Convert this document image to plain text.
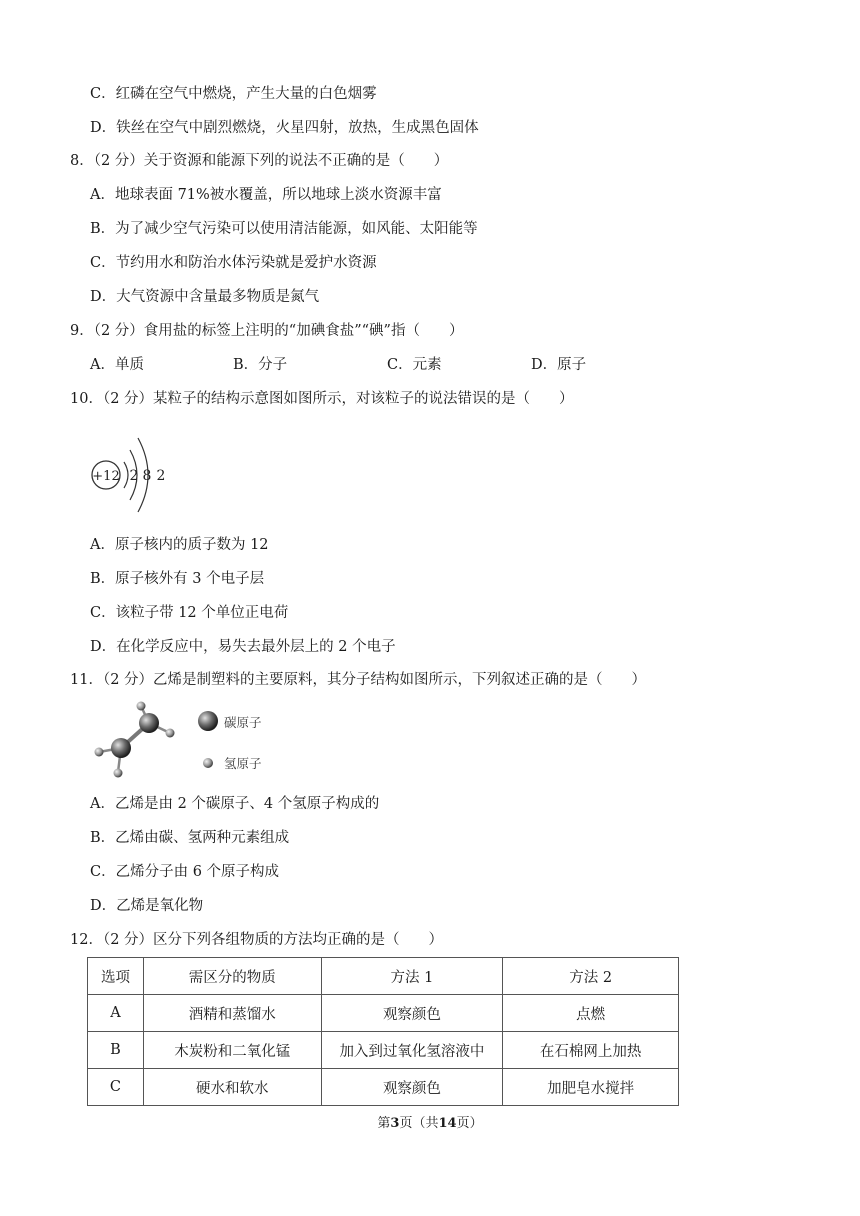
C．红磷在空气中燃烧，产生大量的白色烟雾
D．铁丝在空气中剧烈燃烧，火星四射，放热，生成黑色固体
8．（2 分）关于资源和能源下列的说法不正确的是（　　）
A．地球表面 71%被水覆盖，所以地球上淡水资源丰富
B．为了减少空气污染可以使用清洁能源，如风能、太阳能等
C．节约用水和防治水体污染就是爱护水资源
D．大气资源中含量最多物质是氮气
9．（2 分）食用盐的标签上注明的“加碘食盐”“碘”指（　　）
A．单质	B．分子	C．元素	D．原子
10．（2 分）某粒子的结构示意图如图所示，对该粒子的说法错误的是（　　）
+12 2 8 2
A．原子核内的质子数为 12
B．原子核外有 3 个电子层
C．该粒子带 12 个单位正电荷
D．在化学反应中，易失去最外层上的 2 个电子
11．（2 分）乙烯是制塑料的主要原料，其分子结构如图所示，下列叙述正确的是（　　）
碳原子
氢原子
A．乙烯是由 2 个碳原子、4 个氢原子构成的
B．乙烯由碳、氢两种元素组成
C．乙烯分子由 6 个原子构成
D．乙烯是氧化物
12．（2 分）区分下列各组物质的方法均正确的是（　　）
选项	需区分的物质	方法 1	方法 2
A	酒精和蒸馏水	观察颜色	点燃
B	木炭粉和二氧化锰	加入到过氧化氢溶液中	在石棉网上加热
C	硬水和软水	观察颜色	加肥皂水搅拌
第3页（共14页）
